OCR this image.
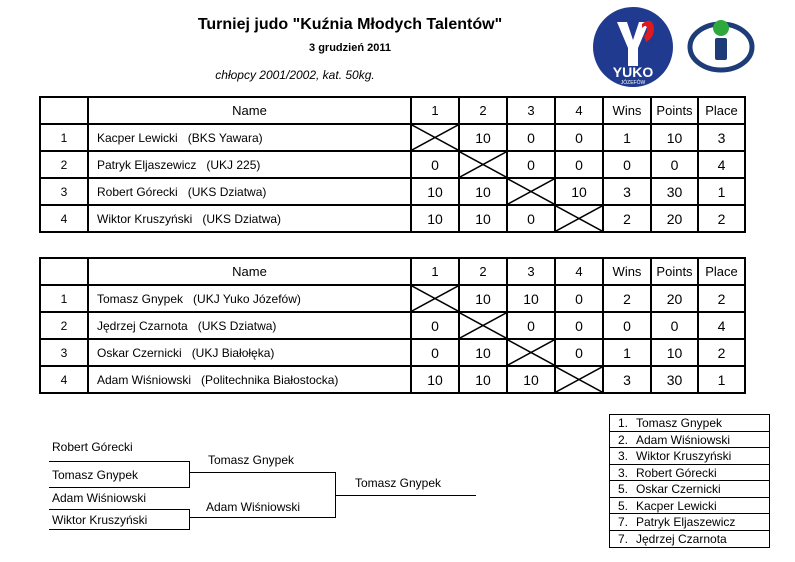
Turniej judo "Kuźnia Młodych Talentów"
3 grudzień 2011
chłopcy 2001/2002, kat. 50kg.	YUKO
JÓZEFÓW
	Name	1	2	3	4	Wins	Points	Place
1	Kacper Lewicki (BKS Yawara)		10	0	0	1	10	3
2	Patryk Eljaszewicz (UKJ 225)	0		0	0	0	0	4
3	Robert Górecki (UKS Dziatwa)	10	10		10	3	30	1
4	Wiktor Kruszyński (UKS Dziatwa)	10	10	0		2	20	2
	Name	1	2	3	4	Wins	Points	Place
1	Tomasz Gnypek (UKJ Yuko Józefów)		10	10	0	2	20	2
2	Jędrzej Czarnota (UKS Dziatwa)	0		0	0	0	0	4
3	Oskar Czernicki (UKJ Białołęka)	0	10		0	1	10	2
4	Adam Wiśniowski (Politechnika Białostocka)	10	10	10		3	30	1
Robert Górecki
Tomasz Gnypek
Adam Wiśniowski
Wiktor Kruszyński
Tomasz Gnypek
Adam Wiśniowski
Tomasz Gnypek
1. Tomasz Gnypek
2. Adam Wiśniowski
3. Wiktor Kruszyński
3. Robert Górecki
5. Oskar Czernicki
5. Kacper Lewicki
7. Patryk Eljaszewicz
7. Jędrzej Czarnota
